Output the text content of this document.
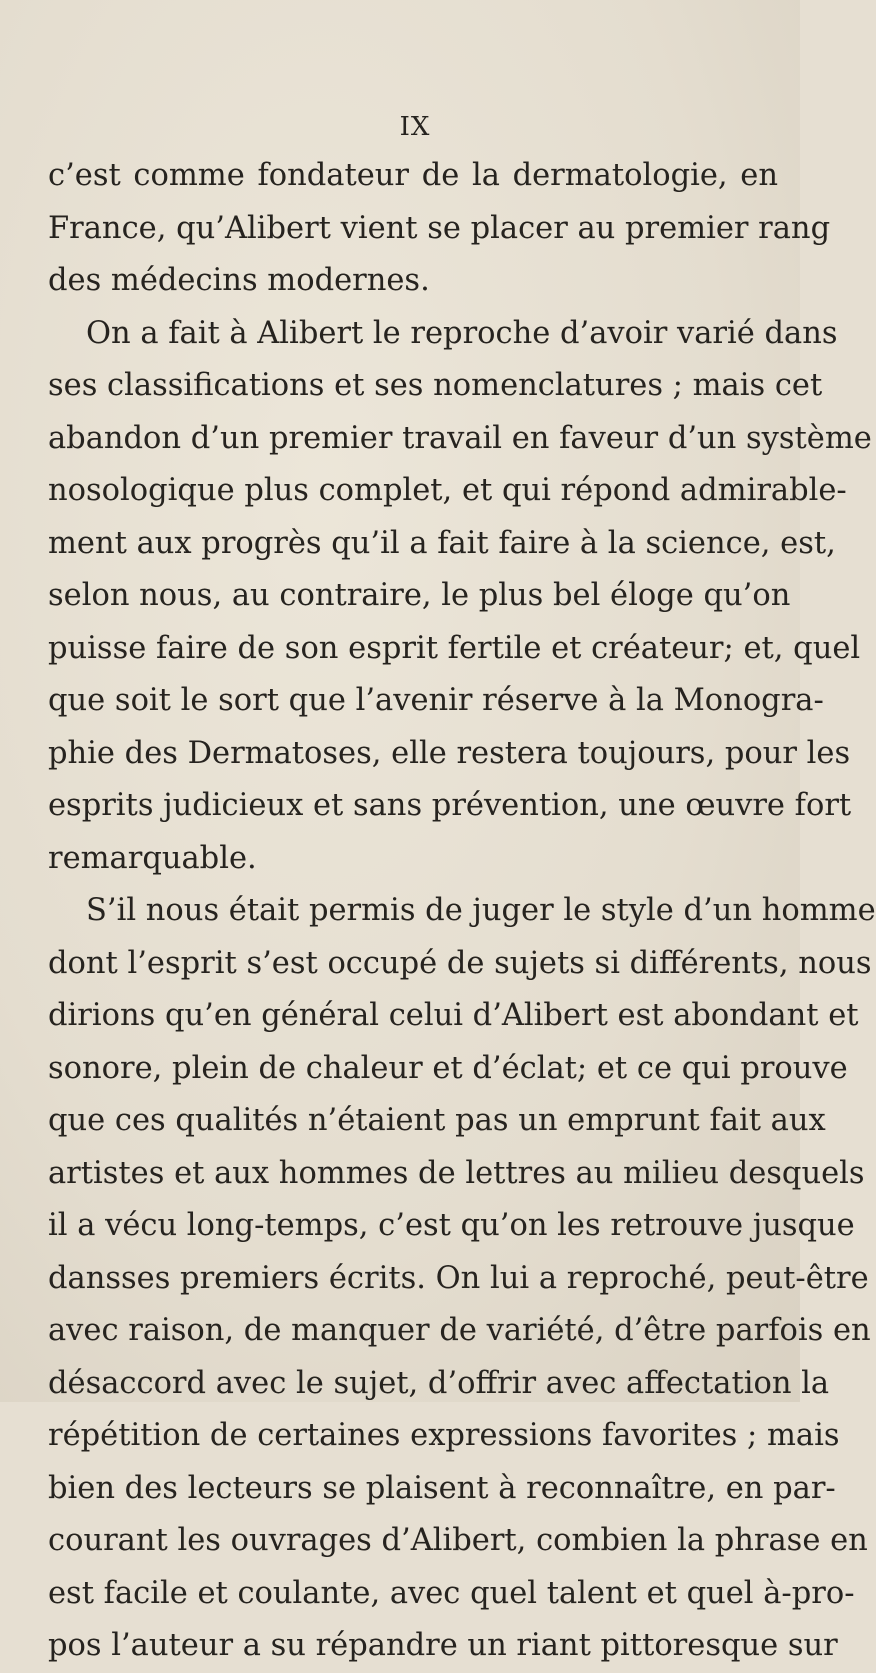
IX
c’est comme fondateur de la dermatologie, en
France, qu’Alibert vient se placer au premier rang
des médecins modernes.
On a fait à Alibert le reproche d’avoir varié dans
ses classifications et ses nomenclatures ; mais cet
abandon d’un premier travail en faveur d’un système
nosologique plus complet, et qui répond admirable-
ment aux progrès qu’il a fait faire à la science, est,
selon nous, au contraire, le plus bel éloge qu’on
puisse faire de son esprit fertile et créateur; et, quel
que soit le sort que l’avenir réserve à la Monogra-
phie des Dermatoses, elle restera toujours, pour les
esprits judicieux et sans prévention, une œuvre fort
remarquable.
S’il nous était permis de juger le style d’un homme
dont l’esprit s’est occupé de sujets si différents, nous
dirions qu’en général celui d’Alibert est abondant et
sonore, plein de chaleur et d’éclat; et ce qui prouve
que ces qualités n’étaient pas un emprunt fait aux
artistes et aux hommes de lettres au milieu desquels
il a vécu long-temps, c’est qu’on les retrouve jusque
dansses premiers écrits. On lui a reproché, peut-être
avec raison, de manquer de variété, d’être parfois en
désaccord avec le sujet, d’offrir avec affectation la
répétition de certaines expressions favorites ; mais
bien des lecteurs se plaisent à reconnaître, en par-
courant les ouvrages d’Alibert, combien la phrase en
est facile et coulante, avec quel talent et quel à-pro-
pos l’auteur a su répandre un riant pittoresque sur
